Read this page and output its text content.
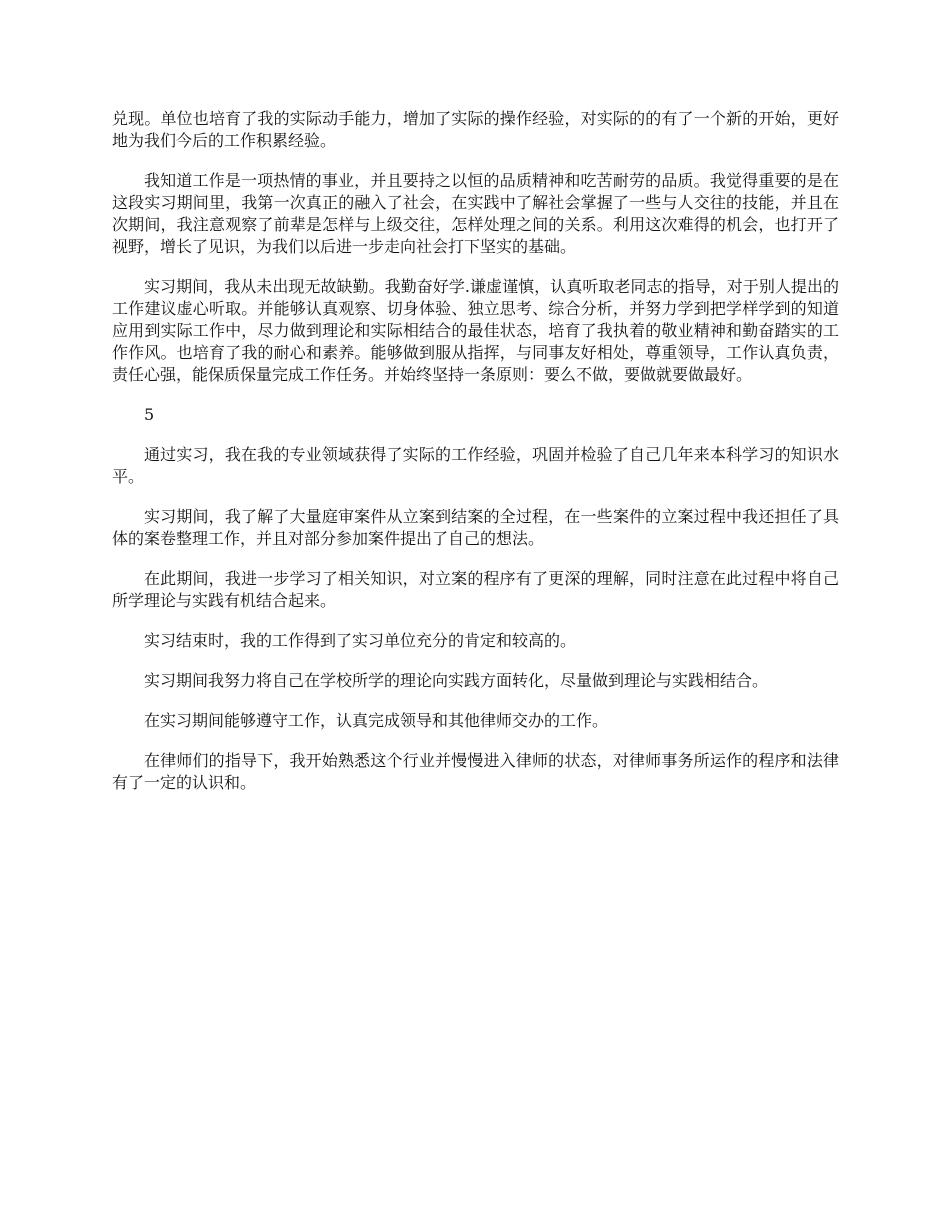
兑现。单位也培育了我的实际动手能力，增加了实际的操作经验，对实际的的有了一个新的开始，更好地为我们今后的工作积累经验。

我知道工作是一项热情的事业，并且要持之以恒的品质精神和吃苦耐劳的品质。我觉得重要的是在这段实习期间里，我第一次真正的融入了社会，在实践中了解社会掌握了一些与人交往的技能，并且在次期间，我注意观察了前辈是怎样与上级交往，怎样处理之间的关系。利用这次难得的机会，也打开了视野，增长了见识，为我们以后进一步走向社会打下坚实的基础。

实习期间，我从未出现无故缺勤。我勤奋好学.谦虚谨慎，认真听取老同志的指导，对于别人提出的工作建议虚心听取。并能够认真观察、切身体验、独立思考、综合分析，并努力学到把学样学到的知道应用到实际工作中，尽力做到理论和实际相结合的最佳状态，培育了我执着的敬业精神和勤奋踏实的工作作风。也培育了我的耐心和素养。能够做到服从指挥，与同事友好相处，尊重领导，工作认真负责，责任心强，能保质保量完成工作任务。并始终坚持一条原则：要么不做，要做就要做最好。

5

通过实习，我在我的专业领域获得了实际的工作经验，巩固并检验了自己几年来本科学习的知识水平。

实习期间，我了解了大量庭审案件从立案到结案的全过程，在一些案件的立案过程中我还担任了具体的案卷整理工作，并且对部分参加案件提出了自己的想法。

在此期间，我进一步学习了相关知识，对立案的程序有了更深的理解，同时注意在此过程中将自己所学理论与实践有机结合起来。

实习结束时，我的工作得到了实习单位充分的肯定和较高的。

实习期间我努力将自己在学校所学的理论向实践方面转化，尽量做到理论与实践相结合。

在实习期间能够遵守工作，认真完成领导和其他律师交办的工作。

在律师们的指导下，我开始熟悉这个行业并慢慢进入律师的状态，对律师事务所运作的程序和法律有了一定的认识和。
